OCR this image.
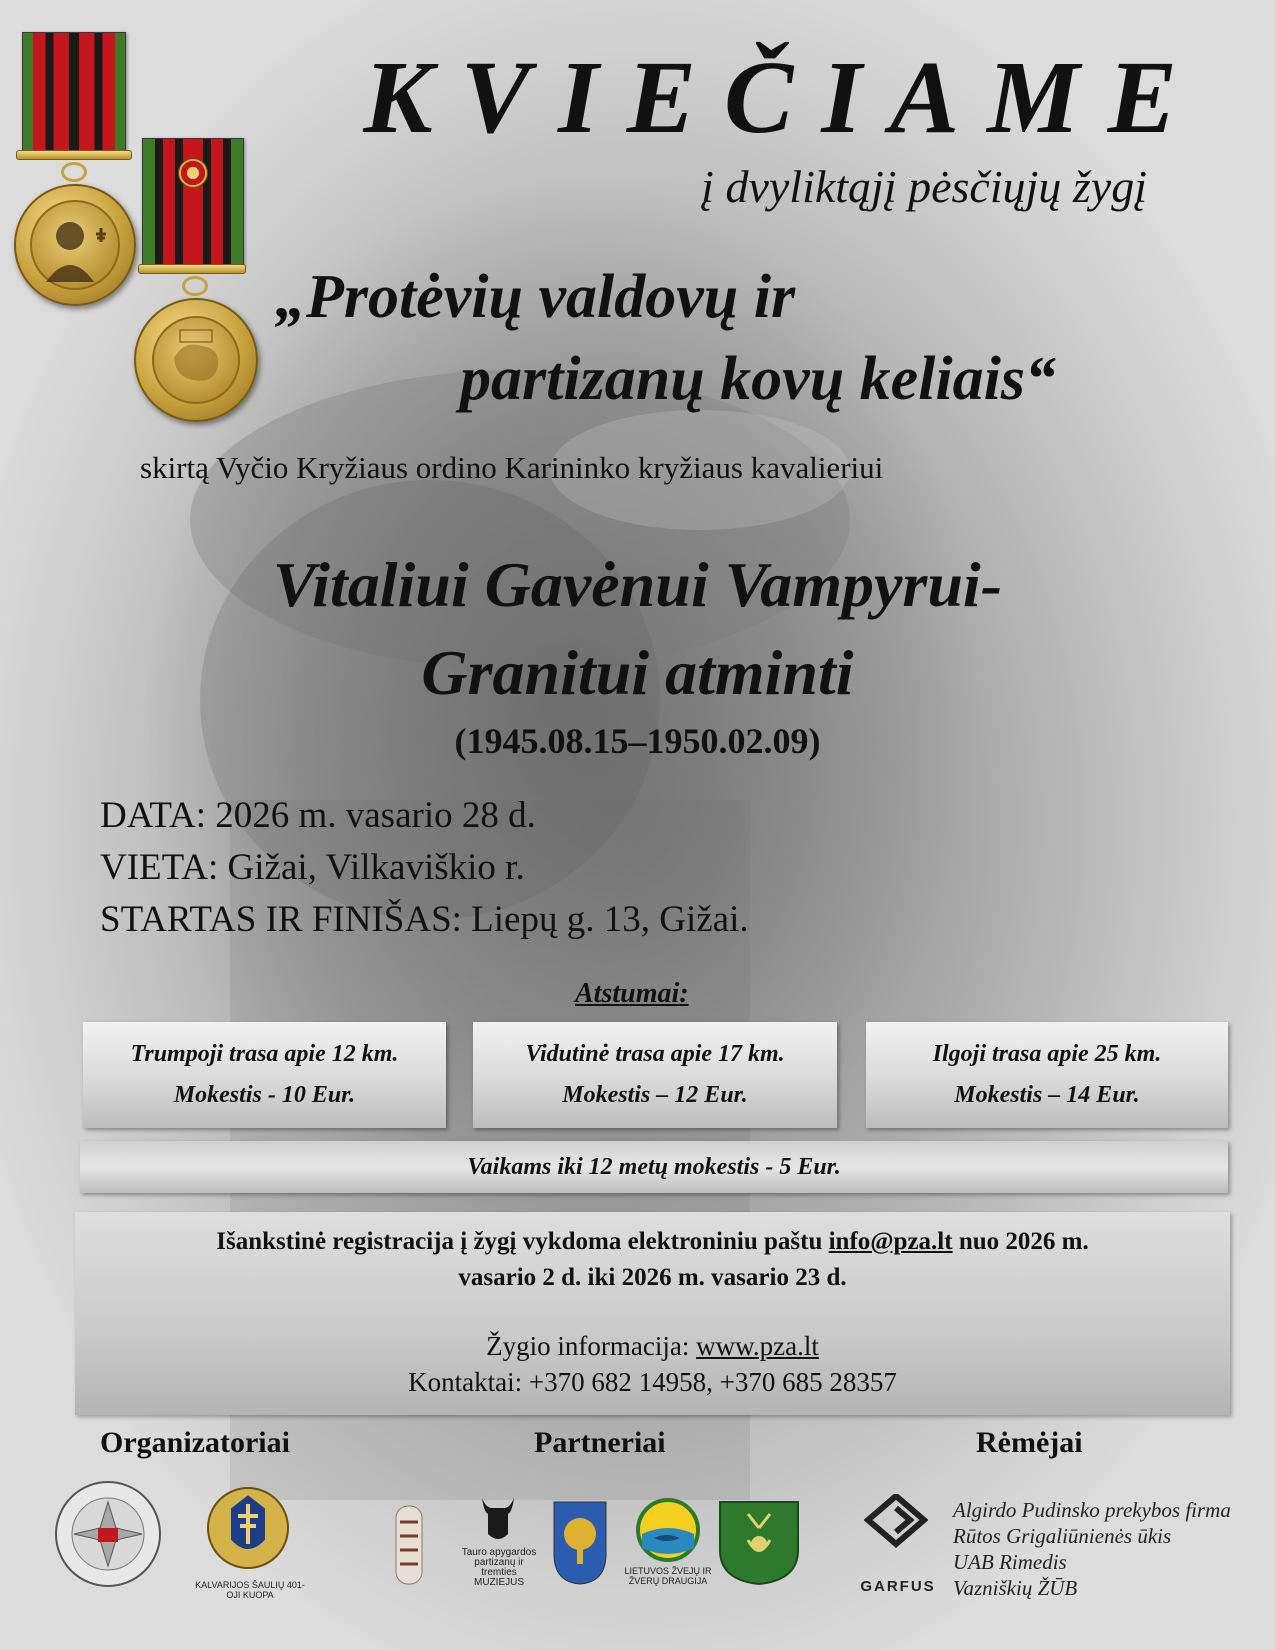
KVIEČIAME
į dvyliktąjį pėsčiųjų žygį
„Protėvių valdovų ir
partizanų kovų keliais“
skirtą Vyčio Kryžiaus ordino Karininko kryžiaus kavalieriui
Vitaliui Gavėnui Vampyrui-
Granitui atminti
(1945.08.15–1950.02.09)
DATA: 2026 m. vasario 28 d.
VIETA: Gižai, Vilkaviškio r.
STARTAS IR FINIŠAS: Liepų g. 13, Gižai.
Atstumai:
Trumpoji trasa apie 12 km.
Mokestis - 10 Eur.
Vidutinė trasa apie 17 km.
Mokestis – 12 Eur.
Ilgoji trasa apie 25 km.
Mokestis – 14 Eur.
Vaikams iki 12 metų mokestis - 5 Eur.

Išankstinė registracija į žygį vykdoma elektroniniu paštu info@pza.lt nuo 2026 m.
vasario 2 d. iki 2026 m. vasario 23 d.

Žygio informacija: www.pza.lt
Kontaktai: +370 682 14958, +370 685 28357

Organizatoriai	Partneriai	Rėmėjai
KALVARIJOS ŠAULIŲ 401-OJI KUOPA
Tauro apygardos partizanų ir tremties MUZIEJUS
LIETUVOS ŽVEJŲ IR ŽVERŲ DRAUGIJA	GARFUS
Algirdo Pudinsko prekybos firma
Rūtos Grigaliūnienės ūkis
UAB Rimedis
Vazniškių ŽŪB
